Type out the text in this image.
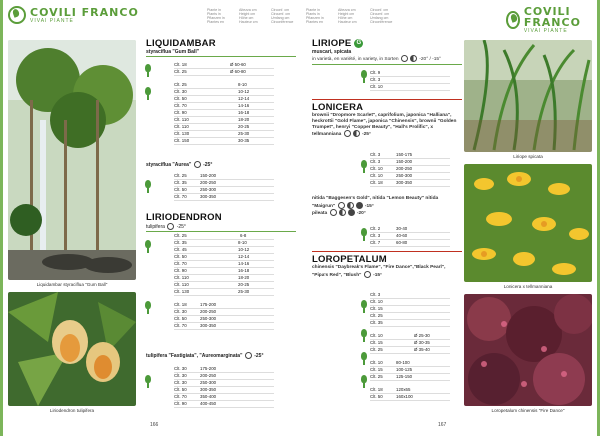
COVILI FRANCO
VIVAI PIANTE
Piante in
Plants in
Pflanzen in
Plantes en
Altezza cm
Height cm
Höhe cm
Hauteur cm
Circonf. cm
Circumf. cm
Umfang cm
Circonférence
Liquidambar styraciflua "Gum Ball"
Liriodendron tulipifera
LIQUIDAMBAR
styraciflua "Gum Ball"
Clt. 18	Ø 50-60
Clt. 25	Ø 60-80
Clt. 25	8-10
Clt. 30	10-12
Clt. 50	12-14
Clt. 70	14-16
Clt. 90	16-18
Clt. 110	18-20
Clt. 110	20-25
Clt. 130	25-30
Clt. 150	30-35
styraciflua "Aurea" -25°
Clt. 25	150-200
Clt. 35	200-250
Clt. 50	250-300
Clt. 70	300-350
LIRIODENDRON
tulipifera -25°
Clt. 25	6-8
Clt. 35	8-10
Clt. 45	10-12
Clt. 50	12-14
Clt. 70	14-16
Clt. 90	16-18
Clt. 110	18-20
Clt. 110	20-25
Clt. 130	25-30
Clt. 18	175-200
Clt. 30	200-250
Clt. 50	250-300
Clt. 70	300-350
tulipifera "Fastigiata", "Aureomarginata" -25°
Clt. 30	175-200
Clt. 30	200-250
Clt. 30	250-300
Clt. 50	300-350
Clt. 70	350-400
Clt. 90	400-450
166
Piante in
Plants in
Pflanzen in
Plantes en
Altezza cm
Height cm
Höhe cm
Hauteur cm
Circonf. cm
Circumf. cm
Umfang cm
Circonférence
COVILI FRANCO
VIVAI PIANTE
LIRIOPE G
muscari, spicata
in varietà, en variété, in variety, in Sorten	-20° / -15°
Clt. 9
Clt. 3
Clt. 10
LONICERA
brownii "Dropmore Scarlet", caprifolium, japonica "Halliana", heckrottii "Gold Flame", japonica "Chinensis", brownii "Golden Trumpet", henryi "Copper Beauty", "Hall's Prolific", x tellmanniana	-25°
Clt. 3	150-175
Clt. 3	150-200
Clt. 10	200-250
Clt. 10	250-300
Clt. 18	300-350
nitida "Baggesen's Gold", nitida "Lemon Beauty" nitida "Maigrun"	-15°
pileata	-20°
Clt. 2	30-40
Clt. 3	40-60
Clt. 7	60-80
LOROPETALUM
chinensis "Daybreak's Flame", "Fire Dance","Black Pearl", "Pipa's Red", "Blush" -15°
Clt. 3
Clt. 10
Clt. 15
Clt. 25
Clt. 35
Clt. 10	Ø 25-30
Clt. 15	Ø 30-35
Clt. 25	Ø 35-40
Clt. 10	80-100
Clt. 15	100-125
Clt. 25	125-150
Clt. 18	120x65
Clt. 50	160x100
Liriope spicata
Lonicera x tellmanniana
Loropetalum chinensis "Fire Dance"
167
